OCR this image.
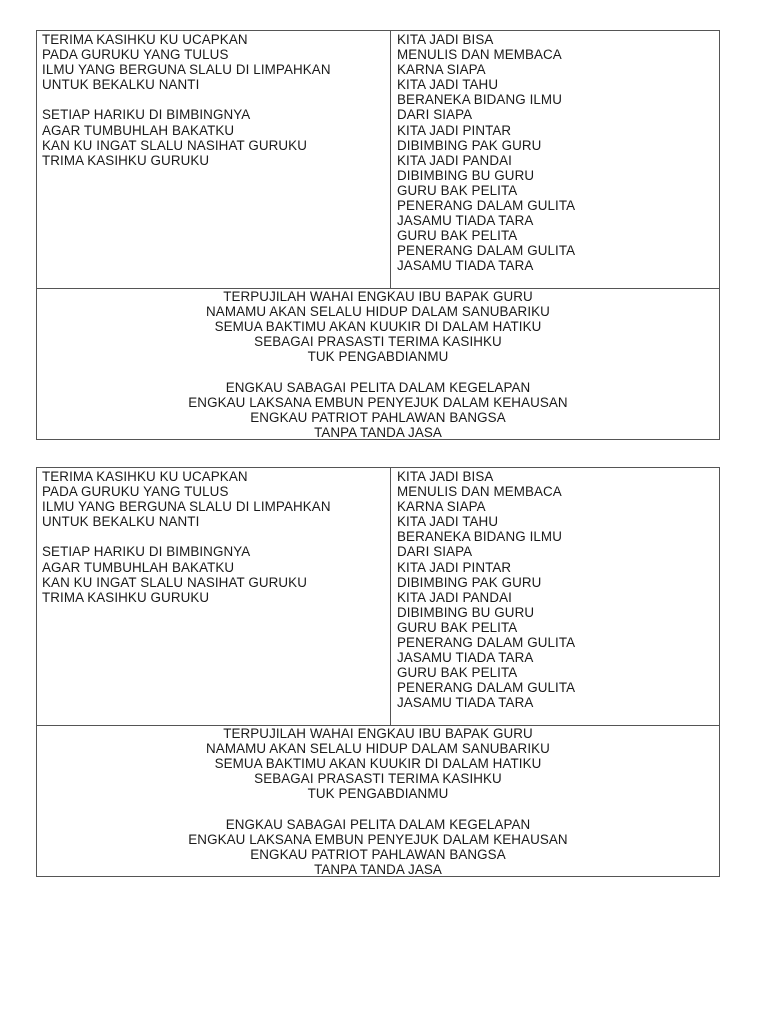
TERIMA KASIHKU KU UCAPKAN
PADA GURUKU YANG TULUS
ILMU YANG BERGUNA SLALU DI LIMPAHKAN
UNTUK BEKALKU NANTI
SETIAP HARIKU DI BIMBINGNYA
AGAR TUMBUHLAH BAKATKU
KAN KU INGAT SLALU NASIHAT GURUKU
TRIMA KASIHKU GURUKU
KITA JADI BISA
MENULIS DAN MEMBACA
KARNA SIAPA
KITA JADI TAHU
BERANEKA BIDANG ILMU
DARI SIAPA
KITA JADI PINTAR
DIBIMBING PAK GURU
KITA JADI PANDAI
DIBIMBING BU GURU
GURU BAK PELITA
PENERANG DALAM GULITA
JASAMU TIADA TARA
GURU BAK PELITA
PENERANG DALAM GULITA
JASAMU TIADA TARA
TERPUJILAH WAHAI ENGKAU IBU BAPAK GURU
NAMAMU AKAN SELALU HIDUP DALAM SANUBARIKU
SEMUA BAKTIMU AKAN KUUKIR DI DALAM HATIKU
SEBAGAI PRASASTI TERIMA KASIHKU
TUK PENGABDIANMU
ENGKAU SABAGAI PELITA DALAM KEGELAPAN
ENGKAU LAKSANA EMBUN PENYEJUK DALAM KEHAUSAN
ENGKAU PATRIOT PAHLAWAN BANGSA
TANPA TANDA JASA
TERIMA KASIHKU KU UCAPKAN
PADA GURUKU YANG TULUS
ILMU YANG BERGUNA SLALU DI LIMPAHKAN
UNTUK BEKALKU NANTI
SETIAP HARIKU DI BIMBINGNYA
AGAR TUMBUHLAH BAKATKU
KAN KU INGAT SLALU NASIHAT GURUKU
TRIMA KASIHKU GURUKU
KITA JADI BISA
MENULIS DAN MEMBACA
KARNA SIAPA
KITA JADI TAHU
BERANEKA BIDANG ILMU
DARI SIAPA
KITA JADI PINTAR
DIBIMBING PAK GURU
KITA JADI PANDAI
DIBIMBING BU GURU
GURU BAK PELITA
PENERANG DALAM GULITA
JASAMU TIADA TARA
GURU BAK PELITA
PENERANG DALAM GULITA
JASAMU TIADA TARA
TERPUJILAH WAHAI ENGKAU IBU BAPAK GURU
NAMAMU AKAN SELALU HIDUP DALAM SANUBARIKU
SEMUA BAKTIMU AKAN KUUKIR DI DALAM HATIKU
SEBAGAI PRASASTI TERIMA KASIHKU
TUK PENGABDIANMU
ENGKAU SABAGAI PELITA DALAM KEGELAPAN
ENGKAU LAKSANA EMBUN PENYEJUK DALAM KEHAUSAN
ENGKAU PATRIOT PAHLAWAN BANGSA
TANPA TANDA JASA
